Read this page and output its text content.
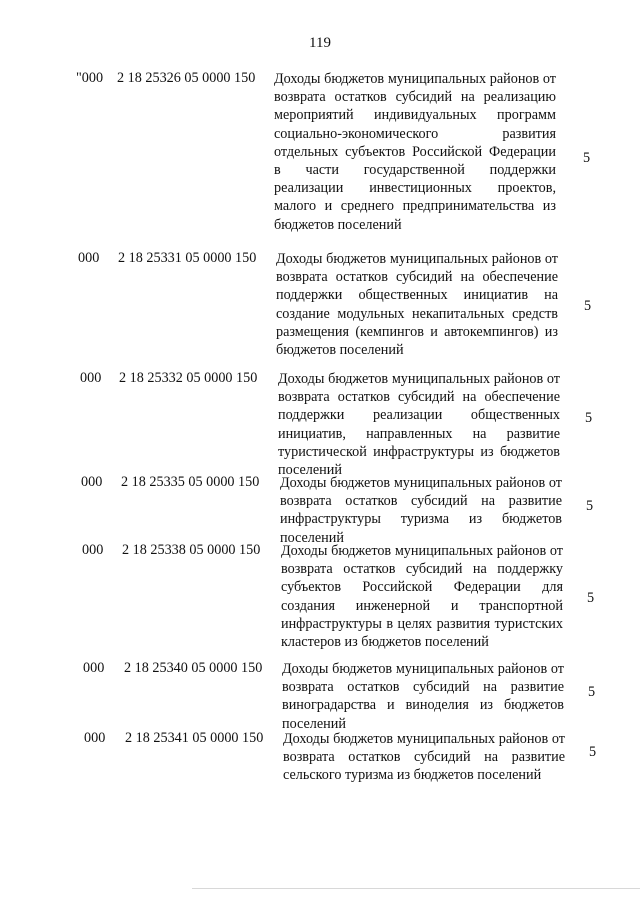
119
"000 2 18 25326 05 0000 150 Доходы бюджетов муниципальных районов от возврата остатков субсидий на реализацию мероприятий индивидуальных программ социально-экономического развития отдельных субъектов Российской Федерации в части государственной поддержки реализации инвестиционных проектов, малого и среднего предпринимательства из бюджетов поселений
5
000 2 18 25331 05 0000 150 Доходы бюджетов муниципальных районов от возврата остатков субсидий на обеспечение поддержки общественных инициатив на создание модульных некапитальных средств размещения (кемпингов и автокемпингов) из бюджетов поселений
5
000 2 18 25332 05 0000 150 Доходы бюджетов муниципальных районов от возврата остатков субсидий на обеспечение поддержки реализации общественных инициатив, направленных на развитие туристической инфраструктуры из бюджетов поселений
5
000 2 18 25335 05 0000 150 Доходы бюджетов муниципальных районов от возврата остатков субсидий на развитие инфраструктуры туризма из бюджетов поселений
5
000 2 18 25338 05 0000 150 Доходы бюджетов муниципальных районов от возврата остатков субсидий на поддержку субъектов Российской Федерации для создания инженерной и транспортной инфраструктуры в целях развития туристских кластеров из бюджетов поселений
5
000 2 18 25340 05 0000 150 Доходы бюджетов муниципальных районов от возврата остатков субсидий на развитие виноградарства и виноделия из бюджетов поселений
5
000 2 18 25341 05 0000 150 Доходы бюджетов муниципальных районов от возврата остатков субсидий на развитие сельского туризма из бюджетов поселений
5
